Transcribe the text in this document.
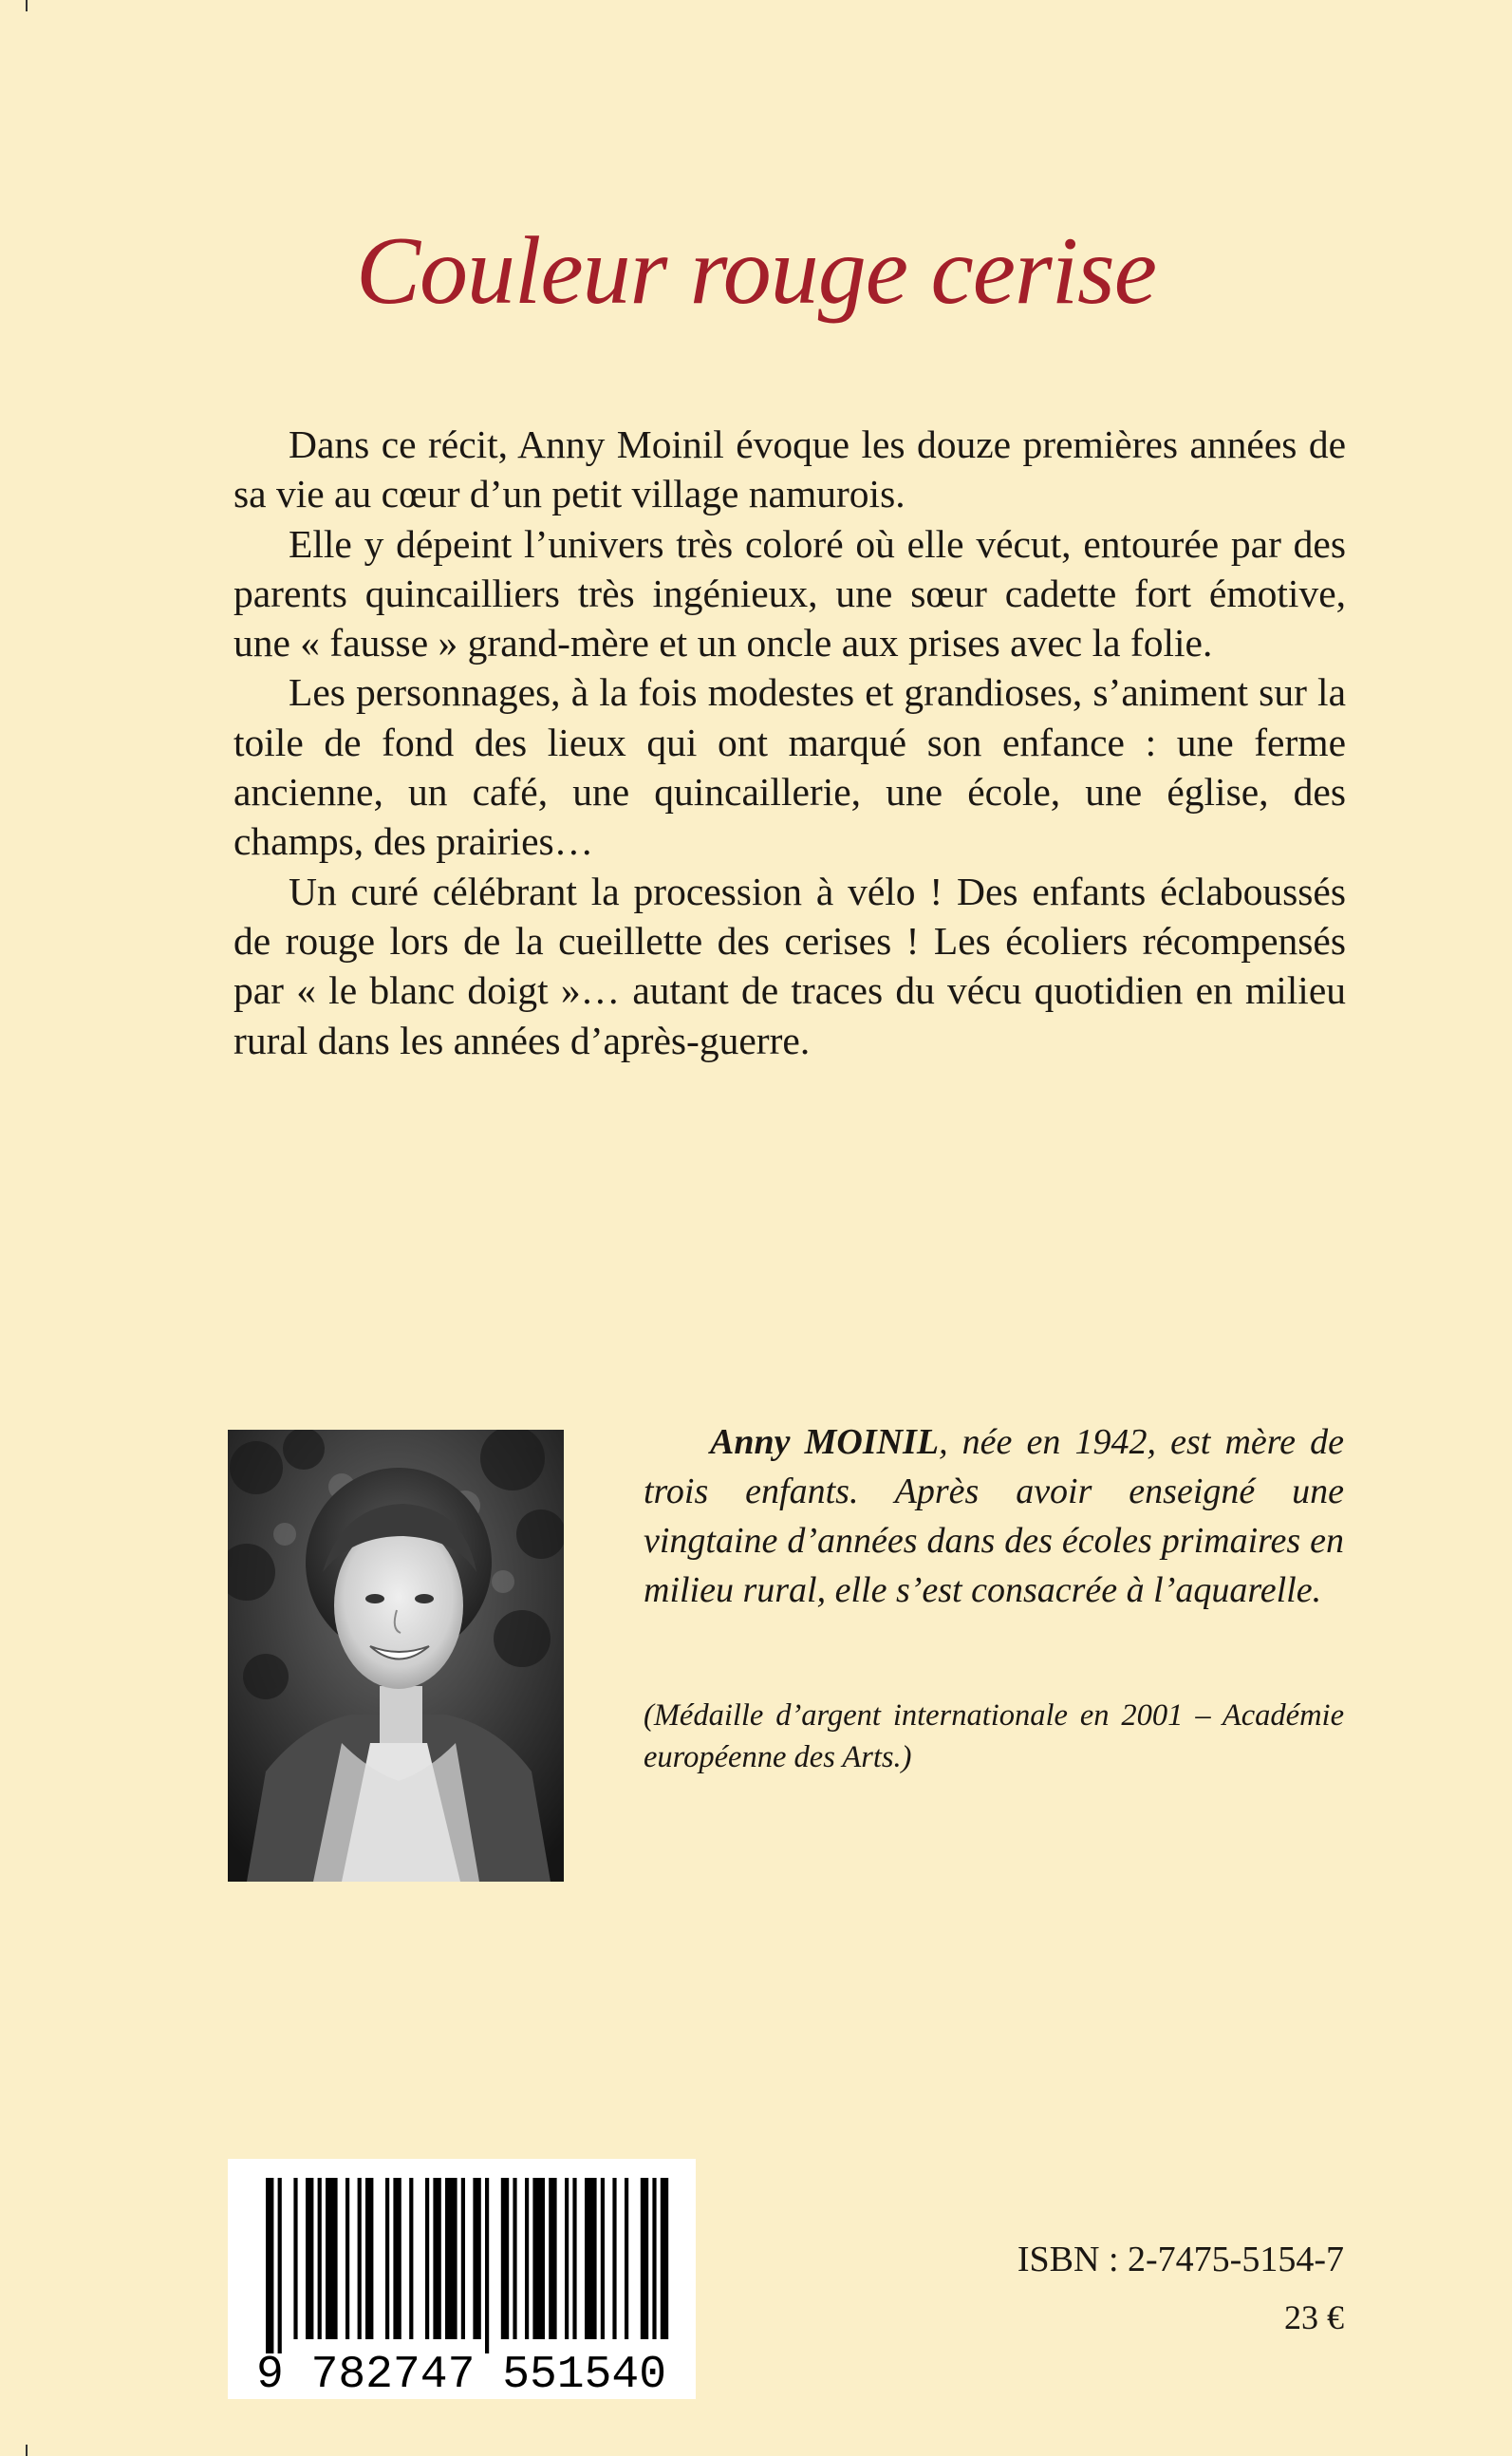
Couleur rouge cerise

Dans ce récit, Anny Moinil évoque les douze premières années de sa vie au cœur d’un petit village namurois.

Elle y dépeint l’univers très coloré où elle vécut, entourée par des parents quincailliers très ingénieux, une sœur cadette fort émotive, une « fausse » grand-mère et un oncle aux prises avec la folie.

Les personnages, à la fois modestes et grandioses, s’animent sur la toile de fond des lieux qui ont marqué son enfance : une ferme ancienne, un café, une quincaillerie, une école, une église, des champs, des prairies…

Un curé célébrant la procession à vélo ! Des enfants éclaboussés de rouge lors de la cueillette des cerises ! Les écoliers récompensés par « le blanc doigt »… autant de traces du vécu quotidien en milieu rural dans les années d’après-guerre.

Anny MOINIL, née en 1942, est mère de trois enfants. Après avoir enseigné une vingtaine d’années dans des écoles primaires en milieu rural, elle s’est consacrée à l’aquarelle.

(Médaille d’argent internationale en 2001 – Académie européenne des Arts.)

9 782747 551540

ISBN : 2-7475-5154-7

23 €
